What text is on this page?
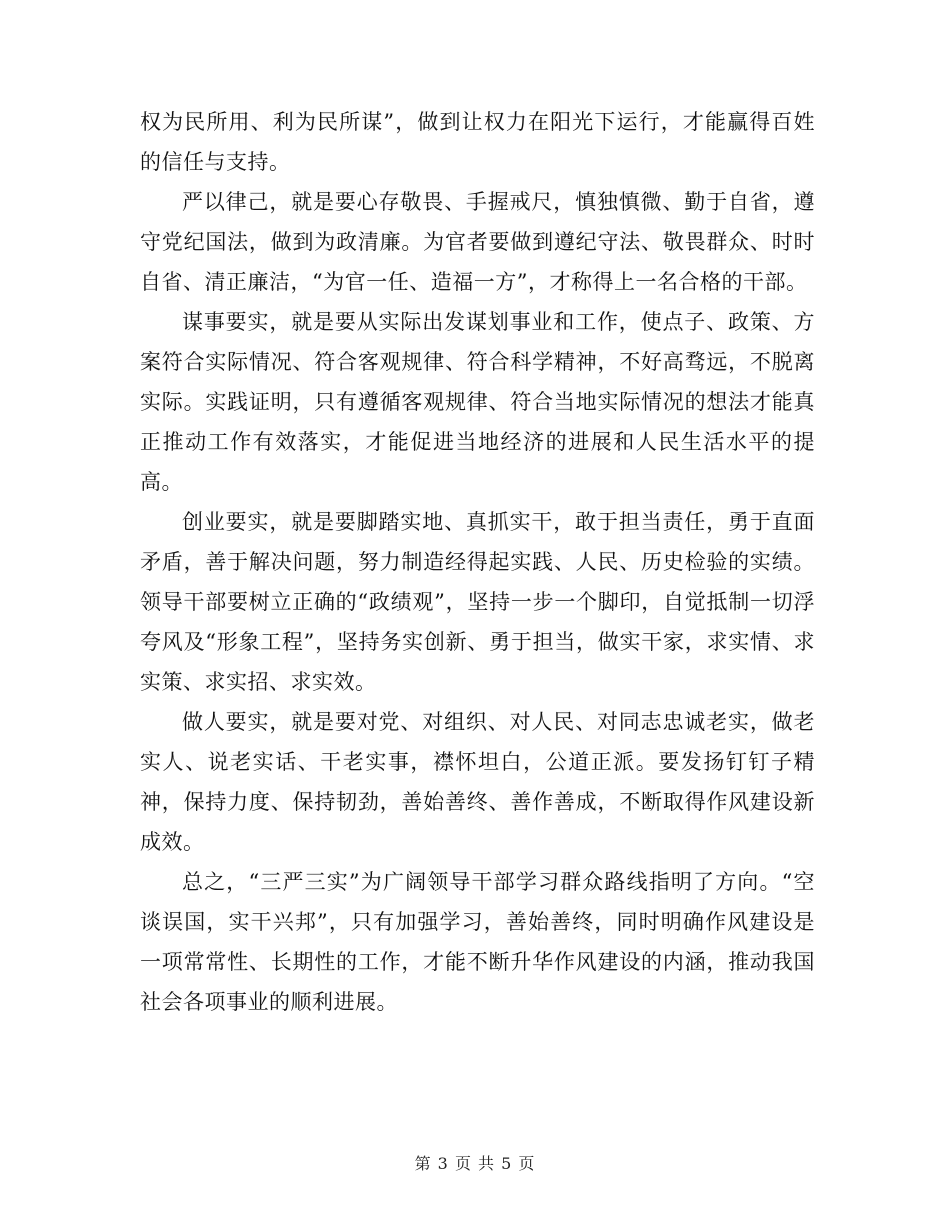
权为民所用、利为民所谋”，做到让权力在阳光下运行，才能赢得百姓的信任与支持。

严以律己，就是要心存敬畏、手握戒尺，慎独慎微、勤于自省，遵守党纪国法，做到为政清廉。为官者要做到遵纪守法、敬畏群众、时时自省、清正廉洁，“为官一任、造福一方”，才称得上一名合格的干部。

谋事要实，就是要从实际出发谋划事业和工作，使点子、政策、方案符合实际情况、符合客观规律、符合科学精神，不好高骛远，不脱离实际。实践证明，只有遵循客观规律、符合当地实际情况的想法才能真正推动工作有效落实，才能促进当地经济的进展和人民生活水平的提高。

创业要实，就是要脚踏实地、真抓实干，敢于担当责任，勇于直面矛盾，善于解决问题，努力制造经得起实践、人民、历史检验的实绩。领导干部要树立正确的“政绩观”，坚持一步一个脚印，自觉抵制一切浮夸风及“形象工程”，坚持务实创新、勇于担当，做实干家，求实情、求实策、求实招、求实效。

做人要实，就是要对党、对组织、对人民、对同志忠诚老实，做老实人、说老实话、干老实事，襟怀坦白，公道正派。要发扬钉钉子精神，保持力度、保持韧劲，善始善终、善作善成，不断取得作风建设新成效。

总之，“三严三实”为广阔领导干部学习群众路线指明了方向。“空谈误国，实干兴邦”，只有加强学习，善始善终，同时明确作风建设是一项常常性、长期性的工作，才能不断升华作风建设的内涵，推动我国社会各项事业的顺利进展。

第 3 页 共 5 页
